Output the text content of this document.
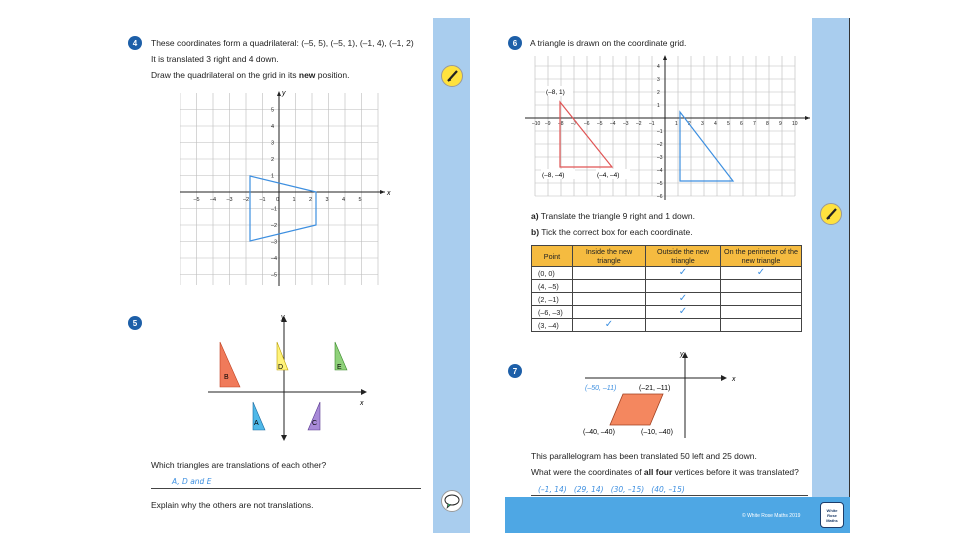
4	These coordinates form a quadrilateral: (–5, 5), (–5, 1), (–1, 4), (–1, 2)
It is translated 3 right and 4 down.
Draw the quadrilateral on the grid in its new position.
x
y
–5 –4 –3 –2 –1 0 1 2 3 4 5
5
4
3
2
1
–1
–2
–3
–4
–5
5
x
y
B
D	E
A	C
Which triangles are translations of each other?
A, D and E
Explain why the others are not translations.
6	A triangle is drawn on the coordinate grid.
–10 –9 –8 –7 –6 –5 –4 –3 –2 –1	1 2 3 4 5 6 7 8 9 10
4
3
2
1
–1
–2
–3
–4
–5
–6
(–8, 1)
(–8, –4)	(–4, –4)
a) Translate the triangle 9 right and 1 down.
b) Tick the correct box for each coordinate.
Point	Inside the new triangle	Outside the new triangle	On the perimeter of the new triangle
(0, 0)		✓	✓
(4, –5)			
(2, –1)		✓	
(–6, –3)		✓	
(3, –4)	✓		
7
x
y
(–50, –11)	(–21, –11)
(–40, –40)	(–10, –40)
This parallelogram has been translated 50 left and 25 down.
What were the coordinates of all four vertices before it was translated?
(–1, 14)   (29, 14)   (30, –15)   (40, –15)
© White Rose Maths 2019
White Rose Maths
